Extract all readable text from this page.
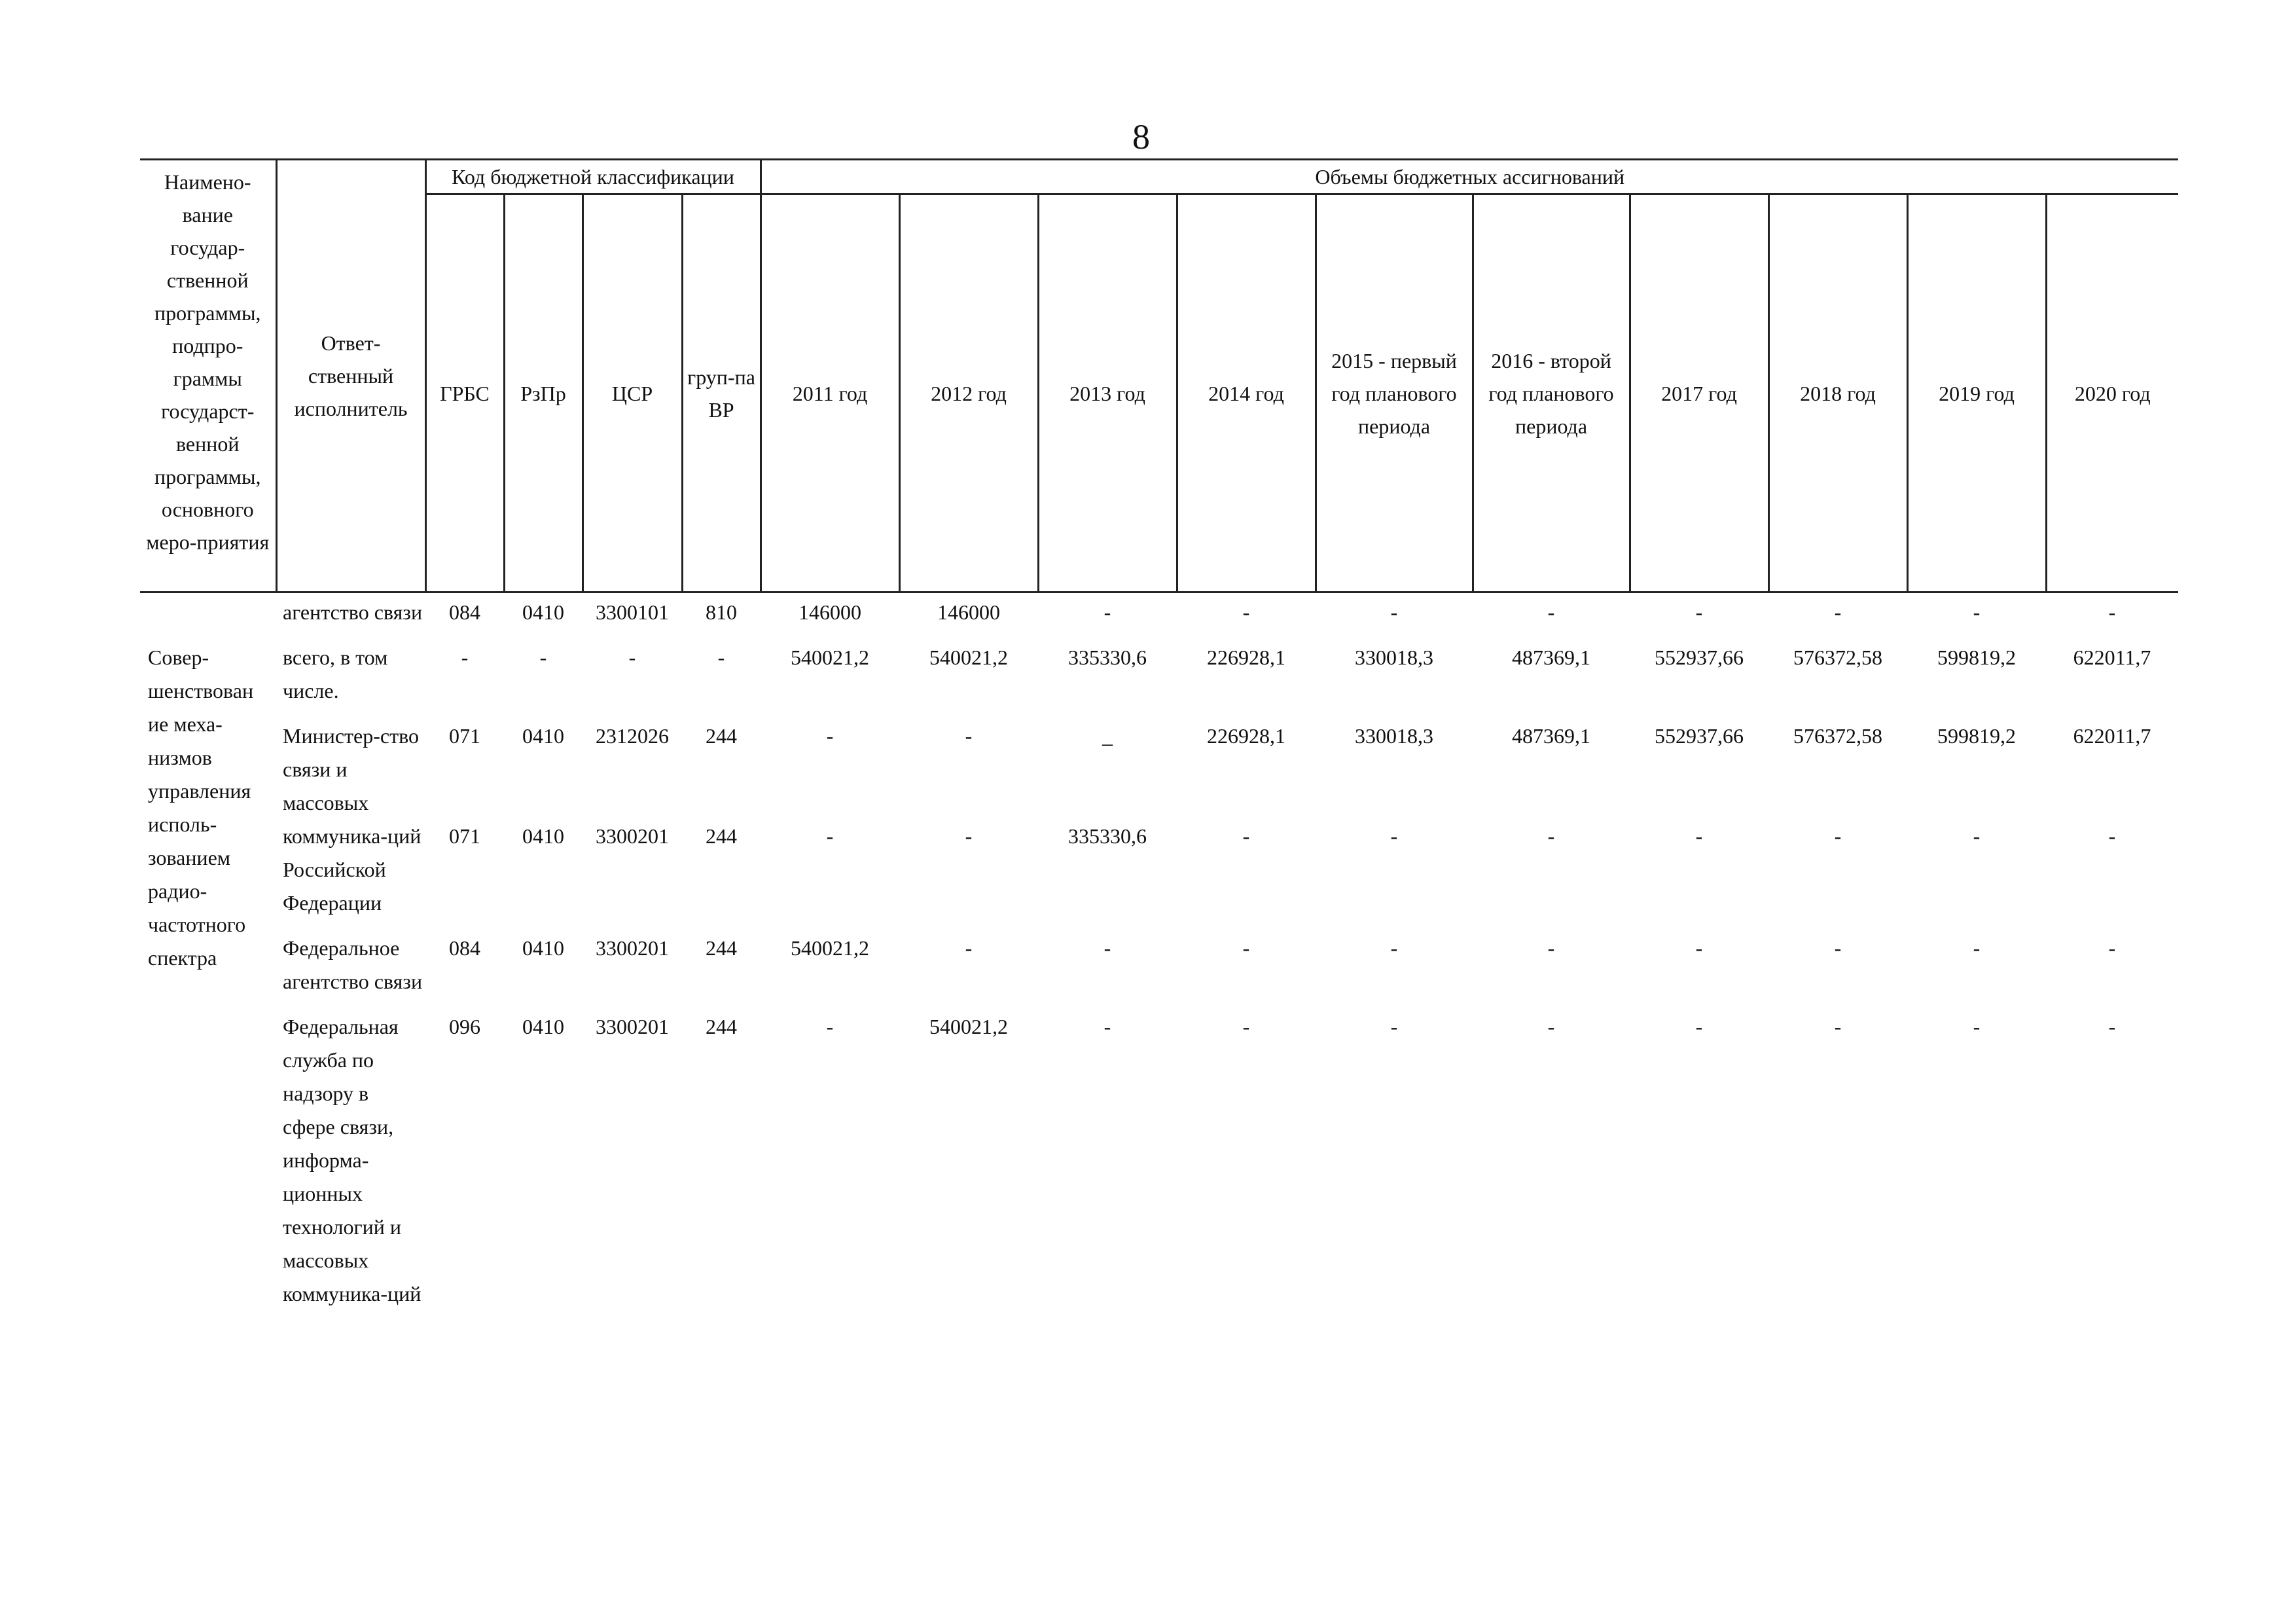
8
Наимено-вание государ-ственной программы, подпро-граммы государст-венной программы, основного меро-приятия	Ответ-ственный исполнитель	Код бюджетной классификации				Объемы бюджетных ассигнований									
		ГРБС	РзПр	ЦСР	груп-па ВР	2011 год	2012 год	2013 год	2014 год	2015 - первый год планового периода	2016 - второй год планового периода	2017 год	2018 год	2019 год	2020 год
	агентство связи	084	0410	3300101	810	146000	146000	-	-	-	-	-	-	-	-

Совер-шенствован ие меха-низмов управления исполь-зованием радио-частотного спектра	всего, в том числе.	-	-	-	-	540021,2	540021,2	335330,6	226928,1	330018,3	487369,1	552937,66	576372,58	599819,2	622011,7

	Министер-ство связи и массовых коммуника-ций Российской Федерации	071	0410	2312026	244	-	-	_	226928,1	330018,3	487369,1	552937,66	576372,58	599819,2	622011,7
		071	0410	3300201	244	-	-	335330,6	-	-	-	-	-	-	-

	Федеральное агентство связи	084	0410	3300201	244	540021,2	-	-	-	-	-	-	-	-	-

	Федеральная служба по надзору в сфере связи, информа-ционных технологий и массовых коммуника-ций	096	0410	3300201	244	-	540021,2	-	-	-	-	-	-	-	-
